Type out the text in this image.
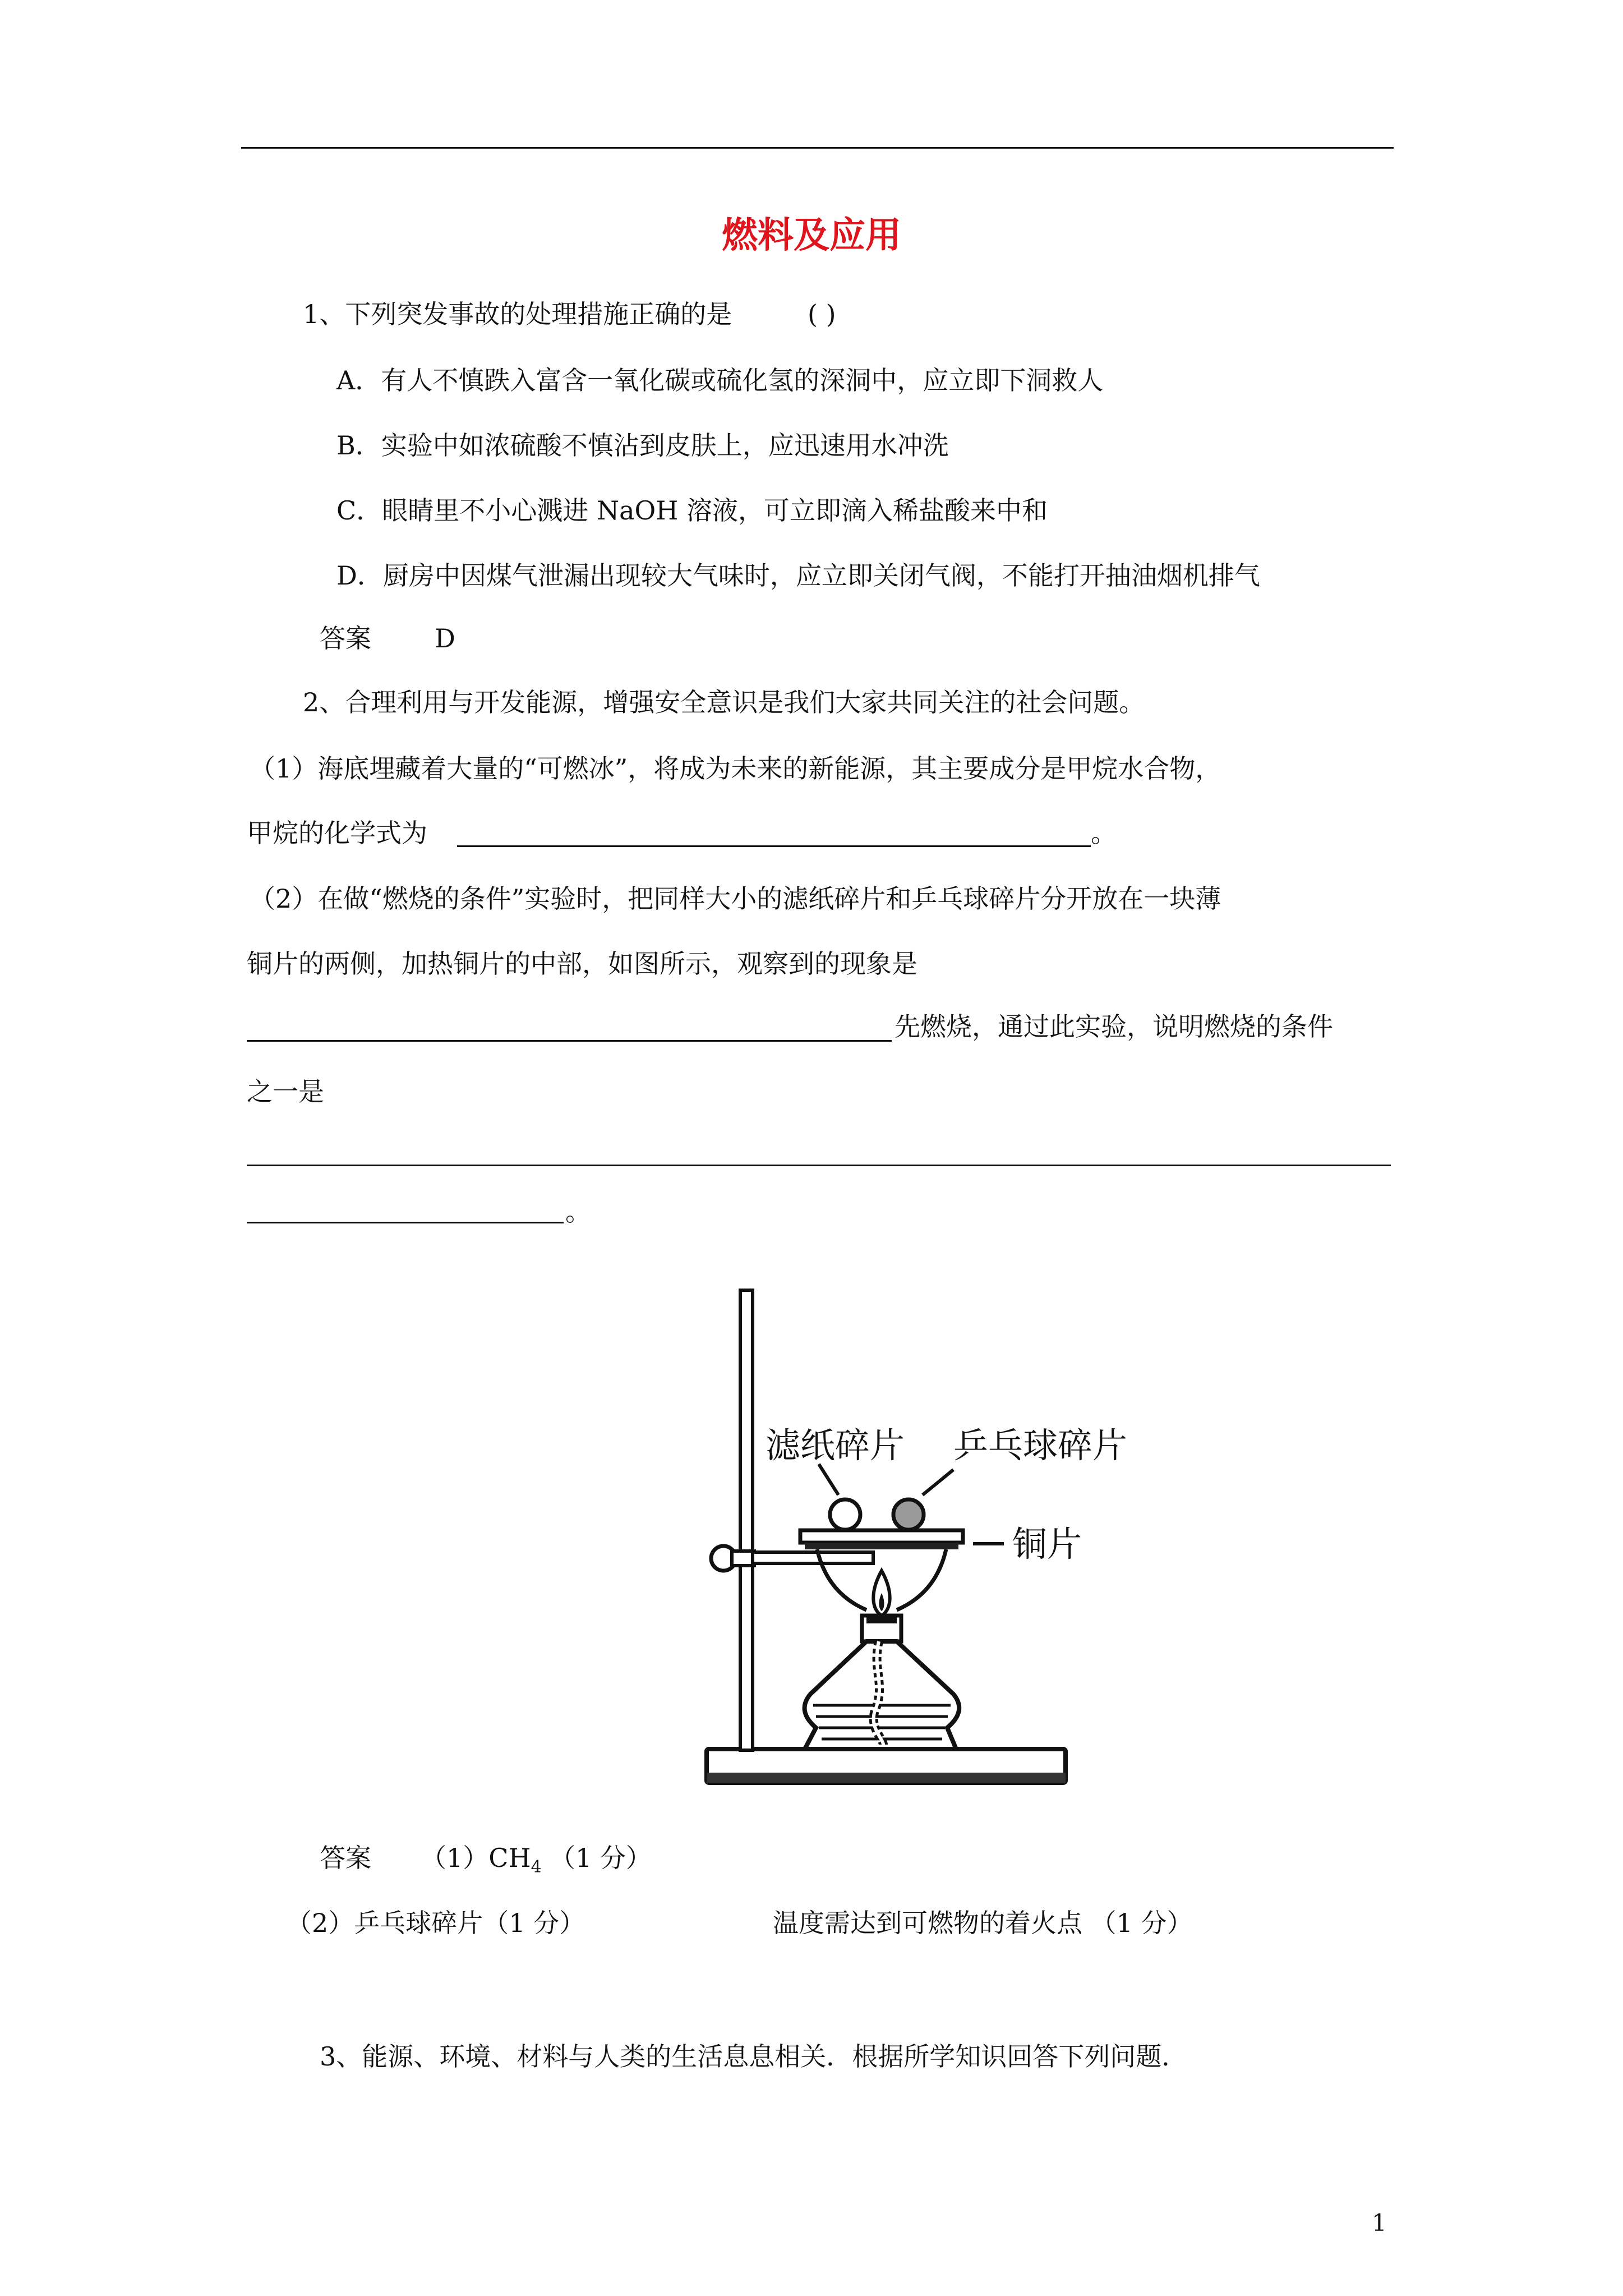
燃料及应用
1、下列突发事故的处理措施正确的是	( )
A．有人不慎跌入富含一氧化碳或硫化氢的深洞中，应立即下洞救人
B．实验中如浓硫酸不慎沾到皮肤上，应迅速用水冲洗
C．眼睛里不小心溅进 NaOH 溶液，可立即滴入稀盐酸来中和
D．厨房中因煤气泄漏出现较大气味时，应立即关闭气阀，不能打开抽油烟机排气
答案 D
2、合理利用与开发能源，增强安全意识是我们大家共同关注的社会问题。
（1）海底埋藏着大量的“可燃冰”，将成为未来的新能源，其主要成分是甲烷水合物，
甲烷的化学式为	。
（2）在做“燃烧的条件”实验时，把同样大小的滤纸碎片和乒乓球碎片分开放在一块薄
铜片的两侧，加热铜片的中部，如图所示，观察到的现象是
先燃烧，通过此实验，说明燃烧的条件
之一是
。
滤纸碎片 乒乓球碎片
铜片
答案 $(1)CH_4$ （1 分）
（2）乒乓球碎片（1 分）	温度需达到可燃物的着火点 （1 分）
3、能源、环境、材料与人类的生活息息相关．根据所学知识回答下列问题．
1
